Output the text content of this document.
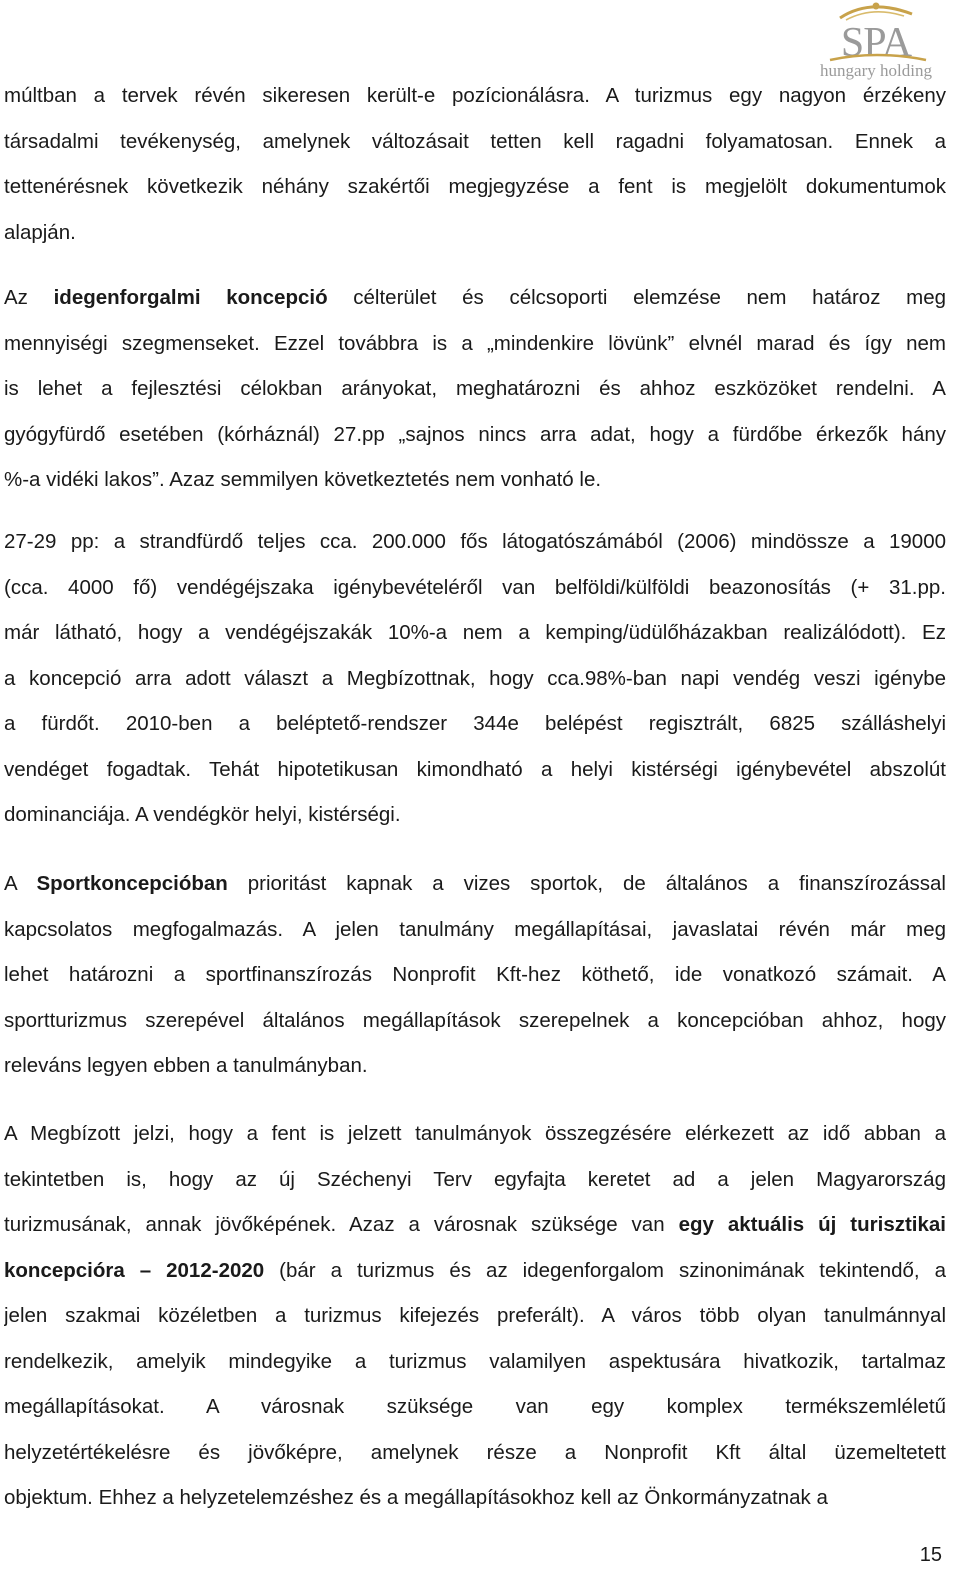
SPA
hungary holding
múltban a tervek révén sikeresen került-e pozícionálásra. A turizmus egy nagyon érzékeny
társadalmi tevékenység, amelynek változásait tetten kell ragadni folyamatosan. Ennek a
tettenérésnek következik néhány szakértői megjegyzése a fent is megjelölt dokumentumok
alapján.
Az idegenforgalmi koncepció célterület és célcsoporti elemzése nem határoz meg
mennyiségi szegmenseket. Ezzel továbbra is a „mindenkire lövünk” elvnél marad és így nem
is lehet a fejlesztési célokban arányokat, meghatározni és ahhoz eszközöket rendelni. A
gyógyfürdő esetében (kórháznál) 27.pp „sajnos nincs arra adat, hogy a fürdőbe érkezők hány
%-a vidéki lakos”. Azaz semmilyen következtetés nem vonható le.
27-29 pp: a strandfürdő teljes cca. 200.000 fős látogatószámából (2006) mindössze a 19000
(cca. 4000 fő) vendégéjszaka igénybevételéről van belföldi/külföldi beazonosítás (+ 31.pp.
már látható, hogy a vendégéjszakák 10%-a nem a kemping/üdülőházakban realizálódott). Ez
a koncepció arra adott választ a Megbízottnak, hogy cca.98%-ban napi vendég veszi igénybe
a fürdőt. 2010-ben a beléptető-rendszer 344e belépést regisztrált, 6825 szálláshelyi
vendéget fogadtak. Tehát hipotetikusan kimondható a helyi kistérségi igénybevétel abszolút
dominanciája. A vendégkör helyi, kistérségi.
A Sportkoncepcióban prioritást kapnak a vizes sportok, de általános a finanszírozással
kapcsolatos megfogalmazás. A jelen tanulmány megállapításai, javaslatai révén már meg
lehet határozni a sportfinanszírozás Nonprofit Kft-hez köthető, ide vonatkozó számait. A
sportturizmus szerepével általános megállapítások szerepelnek a koncepcióban ahhoz, hogy
releváns legyen ebben a tanulmányban.
A Megbízott jelzi, hogy a fent is jelzett tanulmányok összegzésére elérkezett az idő abban a
tekintetben is, hogy az új Széchenyi Terv egyfajta keretet ad a jelen Magyarország
turizmusának, annak jövőképének. Azaz a városnak szüksége van egy aktuális új turisztikai
koncepcióra – 2012-2020 (bár a turizmus és az idegenforgalom szinonimának tekintendő, a
jelen szakmai közéletben a turizmus kifejezés preferált). A város több olyan tanulmánnyal
rendelkezik, amelyik mindegyike a turizmus valamilyen aspektusára hivatkozik, tartalmaz
megállapításokat. A városnak szüksége van egy komplex termékszemléletű
helyzetértékelésre és jövőképre, amelynek része a Nonprofit Kft által üzemeltetett
objektum. Ehhez a helyzetelemzéshez és a megállapításokhoz kell az Önkormányzatnak a
15
